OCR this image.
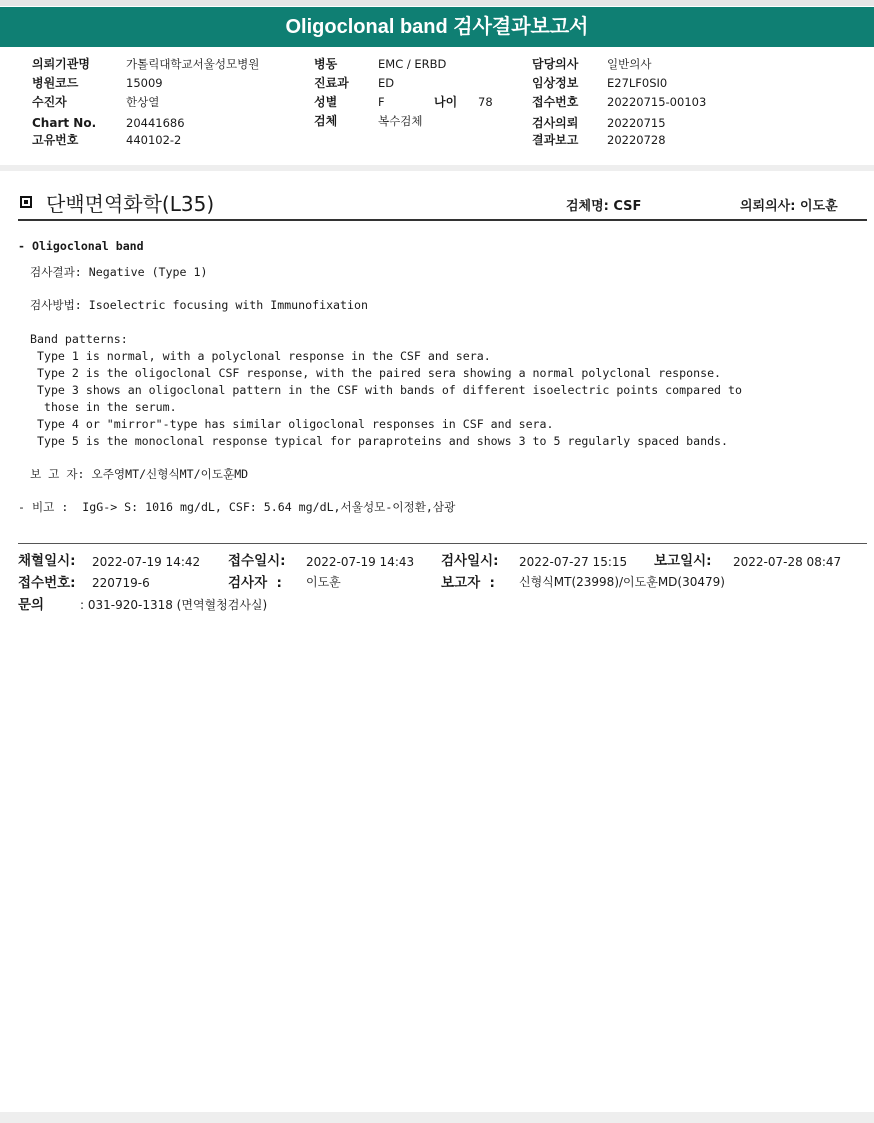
Oligoclonal band 검사결과보고서
의뢰기관명	가톨릭대학교서울성모병원
병원코드	15009
수진자	한상열
Chart No.	20441686
고유번호	440102-2
병동	EMC / ERBD
진료과	ED
성별	F	나이 78
검체	복수검체
담당의사 일반의사
임상정보 E27LF0SI0
접수번호 20220715-00103
검사의뢰 20220715
결과보고 20220728
단백면역화학(L35)	검체명: CSF	의뢰의사: 이도훈
- Oligoclonal band
검사결과: Negative (Type 1)
검사방법: Isoelectric focusing with Immunofixation
Band patterns:
Type 1 is normal, with a polyclonal response in the CSF and sera.
Type 2 is the oligoclonal CSF response, with the paired sera showing a normal polyclonal response.
Type 3 shows an oligoclonal pattern in the CSF with bands of different isoelectric points compared to
those in the serum.
Type 4 or "mirror"-type has similar oligoclonal responses in CSF and sera.
Type 5 is the monoclonal response typical for paraproteins and shows 3 to 5 regularly spaced bands.
보 고 자: 오주영MT/신형식MT/이도훈MD
- 비고 :  IgG-> S: 1016 mg/dL, CSF: 5.64 mg/dL,서울성모-이정환,삼광
채혈일시: 2022-07-19 14:42 접수일시: 2022-07-19 14:43 검사일시: 2022-07-27 15:15 보고일시: 2022-07-28 08:47
접수번호: 220719-6	검사자  : 이도훈	보고자  : 신형식MT(23998)/이도훈MD(30479)
문의	: 031-920-1318 (면역혈청검사실)
